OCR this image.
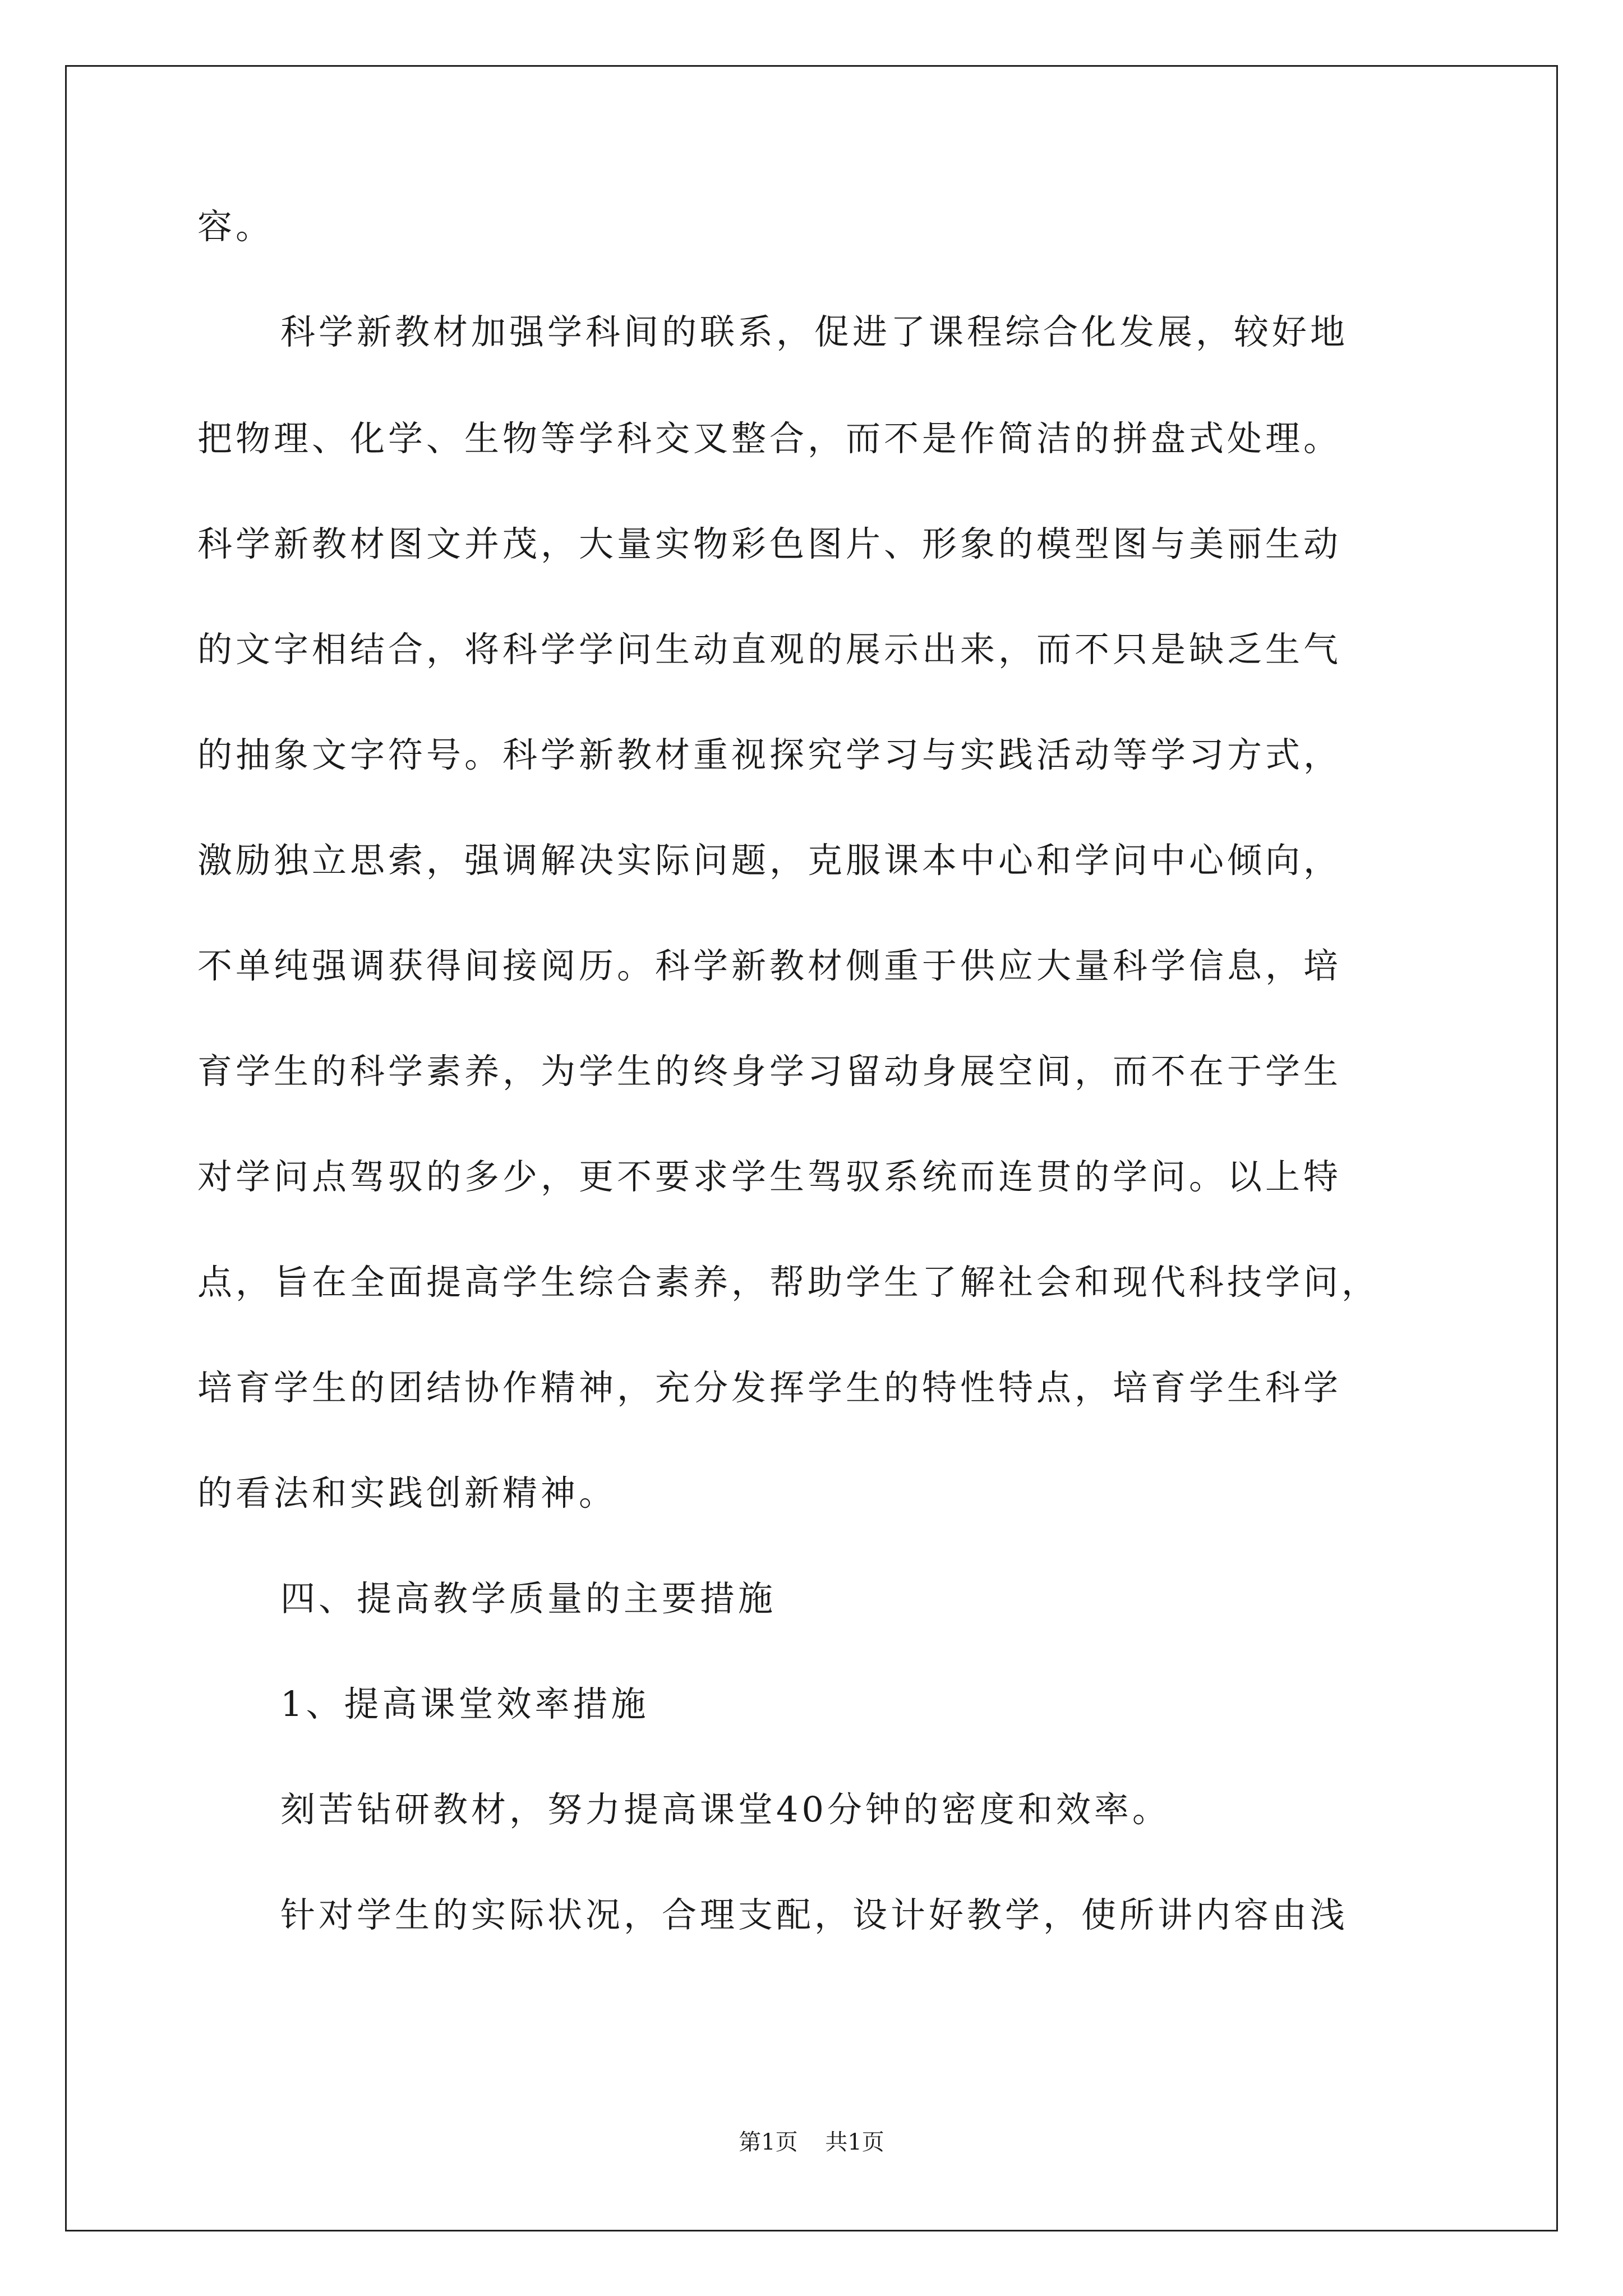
容。
科学新教材加强学科间的联系，促进了课程综合化发展，较好地
把物理、化学、生物等学科交叉整合，而不是作简洁的拼盘式处理。
科学新教材图文并茂，大量实物彩色图片、形象的模型图与美丽生动
的文字相结合，将科学学问生动直观的展示出来，而不只是缺乏生气
的抽象文字符号。科学新教材重视探究学习与实践活动等学习方式，
激励独立思索，强调解决实际问题，克服课本中心和学问中心倾向，
不单纯强调获得间接阅历。科学新教材侧重于供应大量科学信息，培
育学生的科学素养，为学生的终身学习留动身展空间，而不在于学生
对学问点驾驭的多少，更不要求学生驾驭系统而连贯的学问。以上特
点，旨在全面提高学生综合素养，帮助学生了解社会和现代科技学问，
培育学生的团结协作精神，充分发挥学生的特性特点，培育学生科学
的看法和实践创新精神。
四、提高教学质量的主要措施
1、提高课堂效率措施
刻苦钻研教材，努力提高课堂40分钟的密度和效率。
针对学生的实际状况，合理支配，设计好教学，使所讲内容由浅
第1页 共1页
